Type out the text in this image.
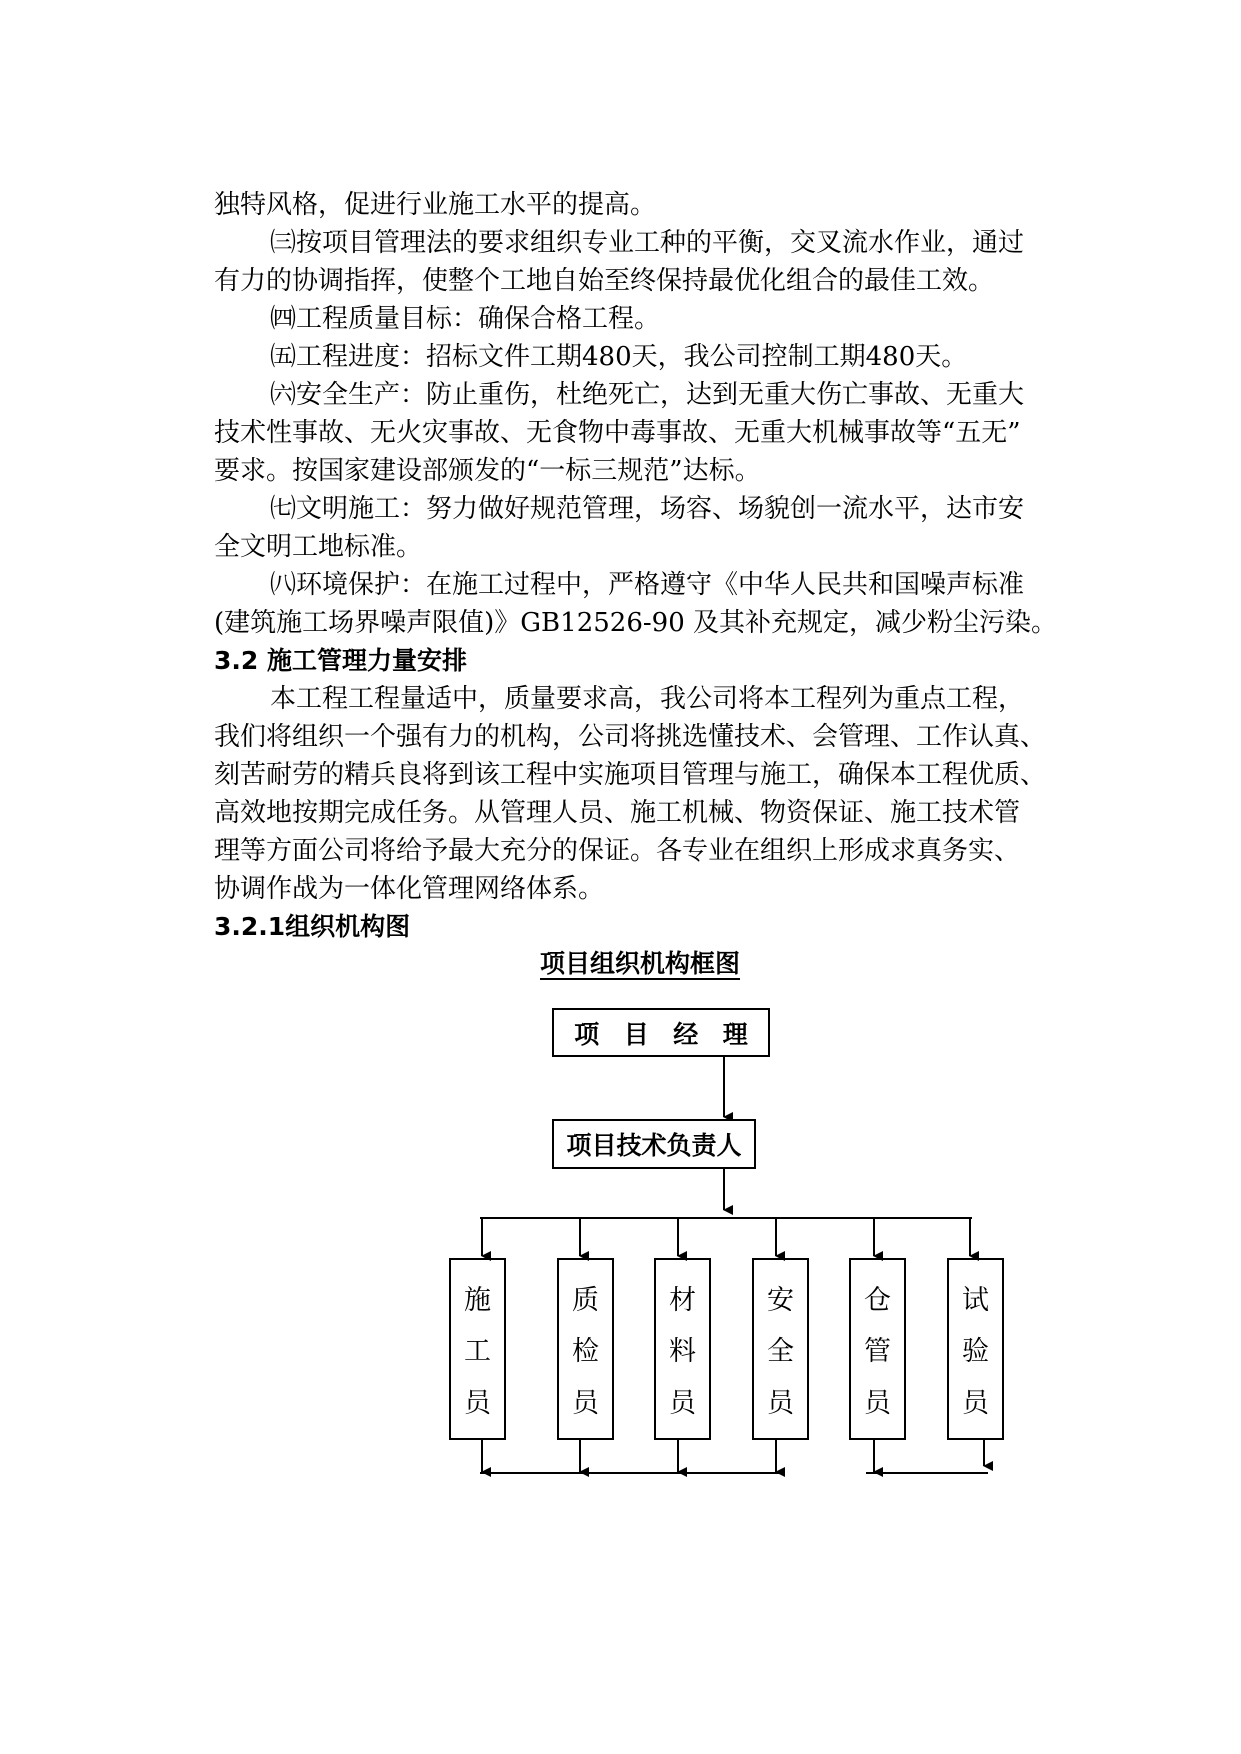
独特风格，促进行业施工水平的提高。
㈢按项目管理法的要求组织专业工种的平衡，交叉流水作业，通过
有力的协调指挥，使整个工地自始至终保持最优化组合的最佳工效。
㈣工程质量目标：确保合格工程。
㈤工程进度：招标文件工期480天，我公司控制工期480天。
㈥安全生产：防止重伤，杜绝死亡，达到无重大伤亡事故、无重大
技术性事故、无火灾事故、无食物中毒事故、无重大机械事故等“五无”
要求。按国家建设部颁发的“一标三规范”达标。
㈦文明施工：努力做好规范管理，场容、场貌创一流水平，达市安
全文明工地标准。
㈧环境保护：在施工过程中，严格遵守《中华人民共和国噪声标准
(建筑施工场界噪声限值)》GB12526-90 及其补充规定，减少粉尘污染。
3.2 施工管理力量安排
本工程工程量适中，质量要求高，我公司将本工程列为重点工程，
我们将组织一个强有力的机构，公司将挑选懂技术、会管理、工作认真、
刻苦耐劳的精兵良将到该工程中实施项目管理与施工，确保本工程优质、
高效地按期完成任务。从管理人员、施工机械、物资保证、施工技术管
理等方面公司将给予最大充分的保证。各专业在组织上形成求真务实、
协调作战为一体化管理网络体系。
3.2.1组织机构图
项目组织机构框图
项 目 经 理
项目技术负责人
施
工
员
质
检
员
材
料
员
安
全
员
仓
管
员
试
验
员
